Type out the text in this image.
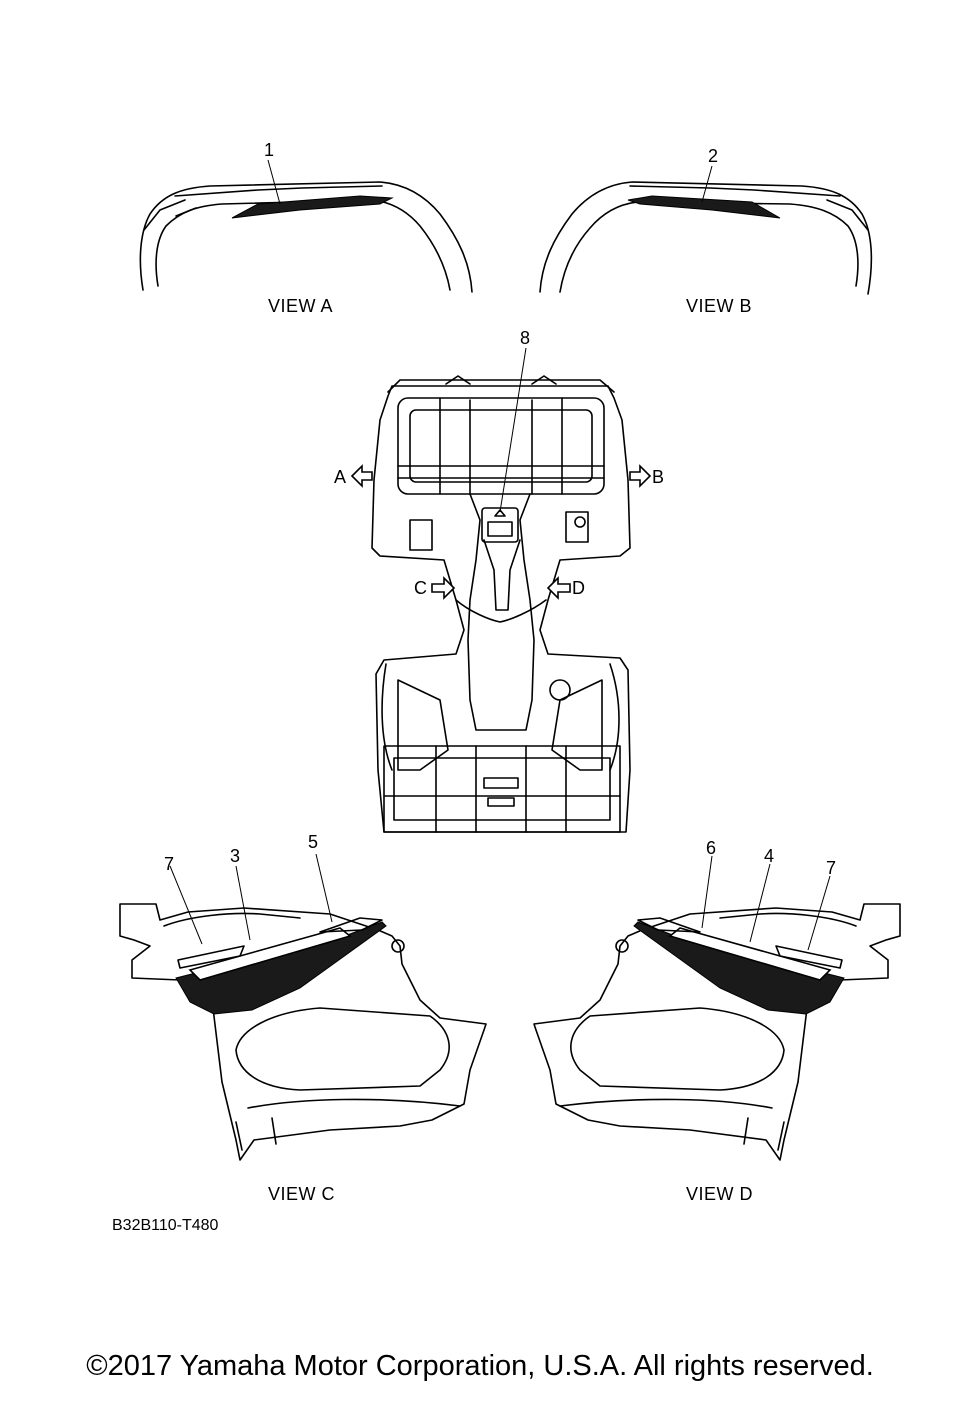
1	2
8
3
5
7
6	4
7
A	B
C	D
VIEW A	VIEW B
VIEW C	VIEW D
B32B110-T480
©2017 Yamaha Motor Corporation, U.S.A. All rights reserved.
